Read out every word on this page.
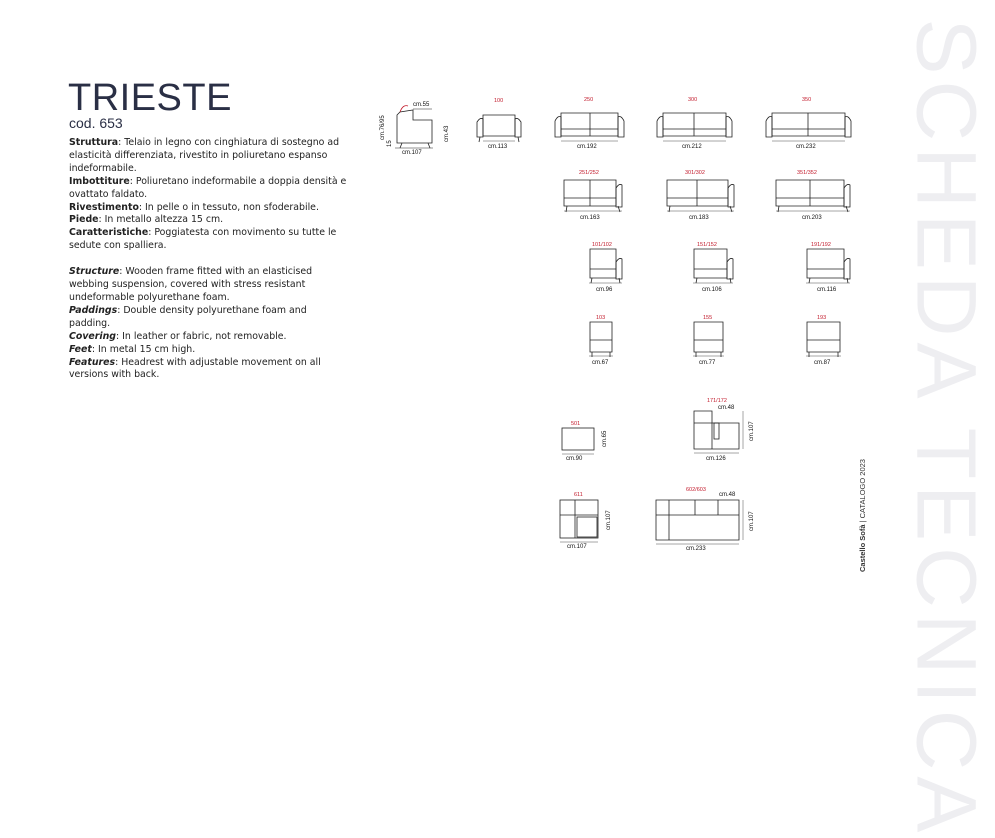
SCHEDA TECNICA
TRIESTE
cod. 653

Struttura: Telaio in legno con cinghiatura di sostegno ad elasticità differenziata, rivestito in poliuretano espanso indeformabile.

Imbottiture: Poliuretano indeformabile a doppia densità e ovattato faldato.

Rivestimento: In pelle o in tessuto, non sfoderabile.

Piede: In metallo altezza 15 cm.

Caratteristiche: Poggiatesta con movimento su tutte le sedute con spalliera.

Structure: Wooden frame fitted with an elasticised webbing suspension, covered with stress resistant undeformable polyurethane foam.

Paddings: Double density polyurethane foam and padding.

Covering: In leather or fabric, not removable.

Feet: In metal 15 cm high.

Features: Headrest with adjustable movement on all versions with back.

Castello Sofà | CATALOGO 2023
cm.55
cm.107
cm.76/95
15
cm.43
100
cm.113
250
cm.192
300
cm.212
350
cm.232
251/252
cm.163
301/302
cm.183
351/352
cm.203
101/102
cm.96
151/152
cm.106
191/192
cm.116
103
cm.67
155
cm.77
193
cm.87
501
cm.90
cm.65
171/172
cm.48
cm.126
cm.107
611
cm.107
cm.107
602/603
cm.48
cm.233
cm.107
